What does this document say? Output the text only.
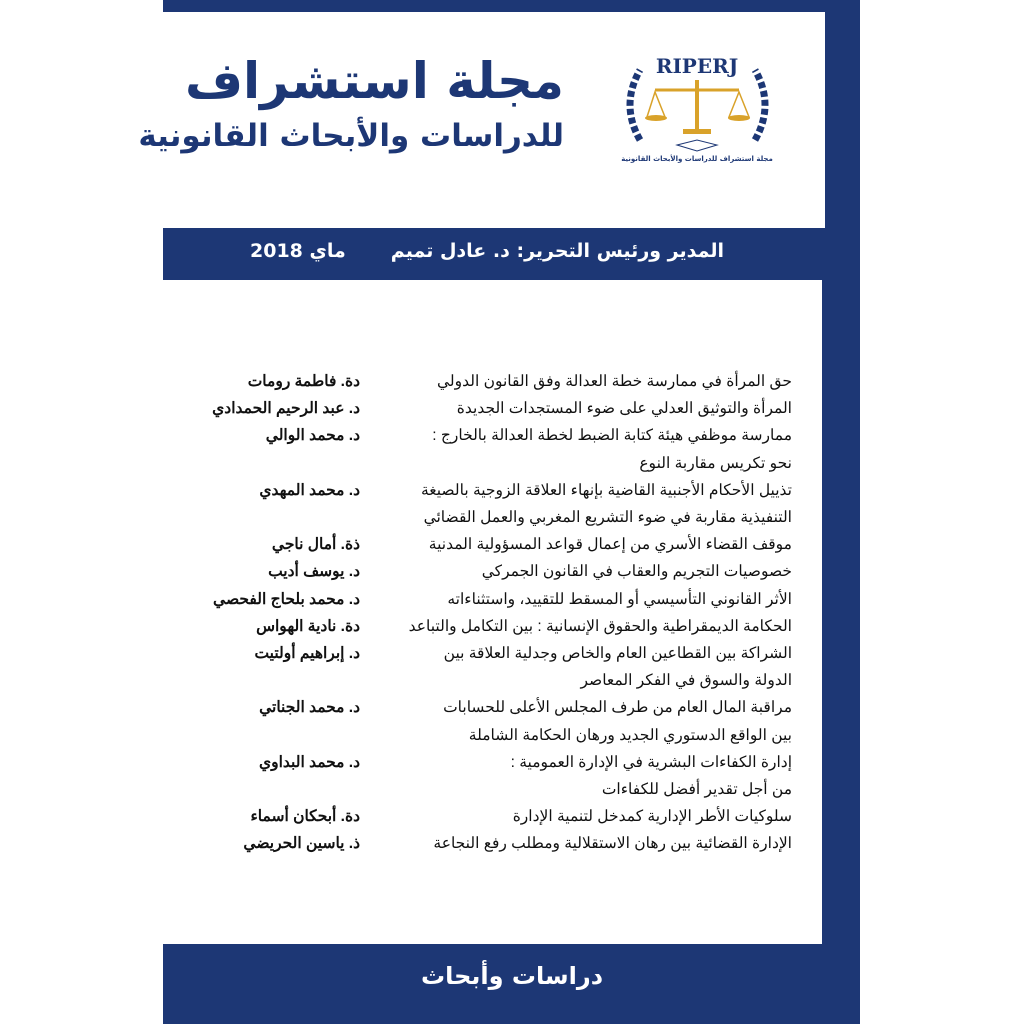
مجلة استشراف
للدراسات والأبحاث القانونية
RIPERJ
مجلة استشراف للدراسات والأبحاث القانونية
المدير ورئيس التحرير: د. عادل تميم
ماي 2018
حق المرأة في ممارسة خطة العدالة وفق القانون الدولي
دة. فاطمة رومات
المرأة والتوثيق العدلي على ضوء المستجدات الجديدة
د. عبد الرحيم الحمدادي
ممارسة موظفي هيئة كتابة الضبط لخطة العدالة بالخارج :
د. محمد الوالي
نحو تكريس مقاربة النوع
تذييل الأحكام الأجنبية القاضية بإنهاء العلاقة الزوجية بالصيغة
د. محمد المهدي
التنفيذية مقاربة في ضوء التشريع المغربي والعمل القضائي
موقف القضاء الأسري من إعمال قواعد المسؤولية المدنية
ذة. أمال ناجي
خصوصيات التجريم والعقاب في القانون الجمركي
د. يوسف أديب
الأثر القانوني التأسيسي أو المسقط للتقييد، واستثناءاته
د. محمد بلحاج الفحصي
الحكامة الديمقراطية والحقوق الإنسانية : بين التكامل والتباعد
دة. نادية الهواس
الشراكة بين القطاعين العام والخاص وجدلية العلاقة بين
د. إبراهيم أولتيت
الدولة والسوق في الفكر المعاصر
مراقبة المال العام من طرف المجلس الأعلى للحسابات
د. محمد الجناتي
بين الواقع الدستوري الجديد ورهان الحكامة الشاملة
إدارة الكفاءات البشرية في الإدارة العمومية :
د. محمد البداوي
من أجل تقدير أفضل للكفاءات
سلوكيات الأطر الإدارية كمدخل لتنمية الإدارة
دة. أبحكان أسماء
الإدارة القضائية بين رهان الاستقلالية ومطلب رفع النجاعة
ذ. ياسين الحريضي
دراسات وأبحاث
